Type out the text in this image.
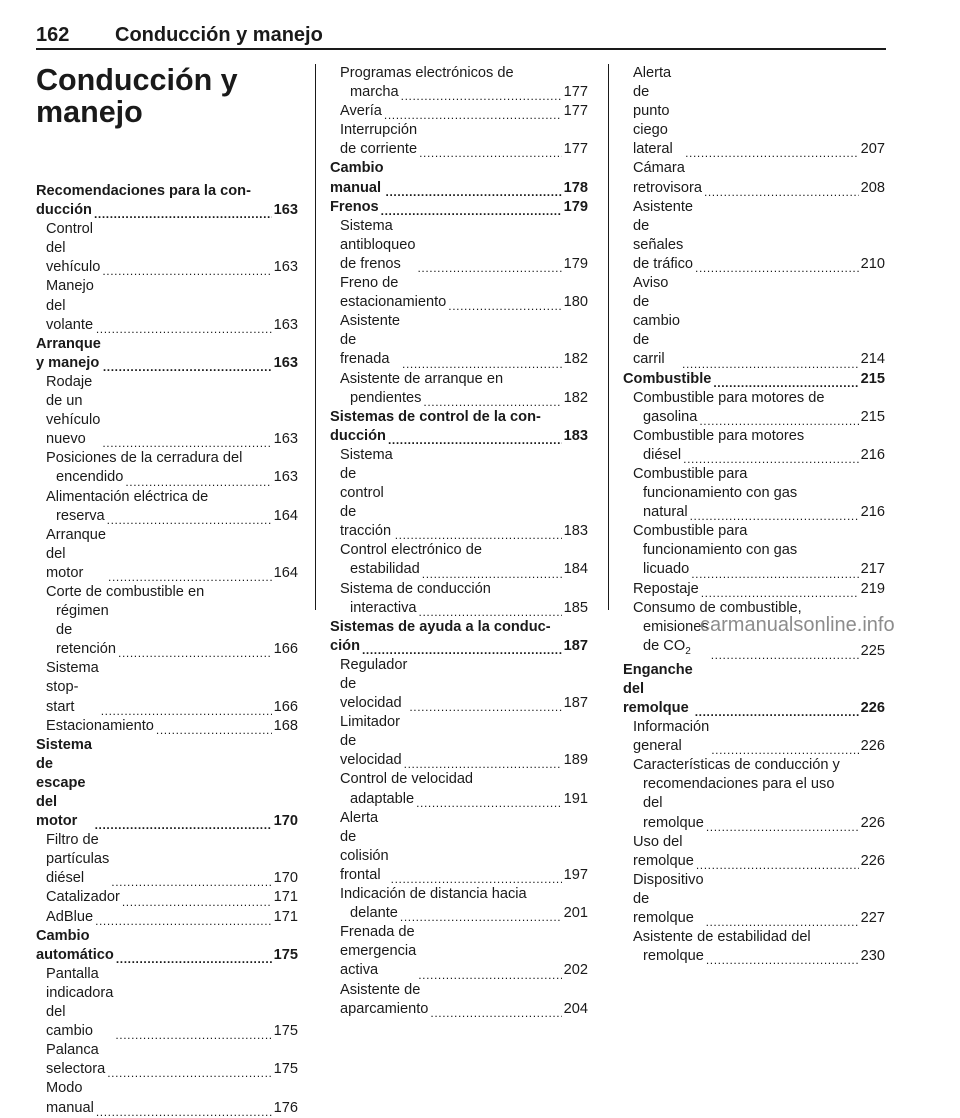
162 Conducción y manejo
Conducción y
manejo
Recomendaciones para la con-
ducción .....	163
Control del vehículo .....	163
Manejo del volante .....	163
Arranque y manejo .....	163
Rodaje de un vehículo nuevo .....	163
Posiciones de la cerradura del
encendido .....	163
Alimentación eléctrica de
reserva .....	164
Arranque del motor .....	164
Corte de combustible en
régimen de retención .....	166
Sistema stop-start .....	166
Estacionamiento .....	168
Sistema de escape del motor .....	170
Filtro de partículas diésel .....	170
Catalizador .....	171
AdBlue .....	171
Cambio automático .....	175
Pantalla indicadora del cambio .....	175
Palanca selectora .....	175
Modo manual .....	176
Programas electrónicos de
marcha .....	177
Avería .....	177
Interrupción de corriente .....	177
Cambio manual .....	178
Frenos .....	179
Sistema antibloqueo de frenos .....	179
Freno de estacionamiento .....	180
Asistente de frenada .....	182
Asistente de arranque en
pendientes .....	182
Sistemas de control de la con-
ducción .....	183
Sistema de control de tracción .....	183
Control electrónico de
estabilidad .....	184
Sistema de conducción
interactiva .....	185
Sistemas de ayuda a la conduc-
ción .....	187
Regulador de velocidad .....	187
Limitador de velocidad .....	189
Control de velocidad
adaptable .....	191
Alerta de colisión frontal .....	197
Indicación de distancia hacia
delante .....	201
Frenada de emergencia activa .....	202
Asistente de aparcamiento .....	204
Alerta de punto ciego lateral .....	207
Cámara retrovisora .....	208
Asistente de señales de tráfico .....	210
Aviso de cambio de carril .....	214
Combustible .....	215
Combustible para motores de
gasolina .....	215
Combustible para motores
diésel .....	216
Combustible para
funcionamiento con gas
natural .....	216
Combustible para
funcionamiento con gas
licuado .....	217
Repostaje .....	219
Consumo de combustible,
emisiones de $CO_2$ .....	225
Enganche del remolque .....	226
Información general .....	226
Características de conducción y
recomendaciones para el uso
del remolque .....	226
Uso del remolque .....	226
Dispositivo de remolque .....	227
Asistente de estabilidad del
remolque .....	230
carmanualsonline.info
